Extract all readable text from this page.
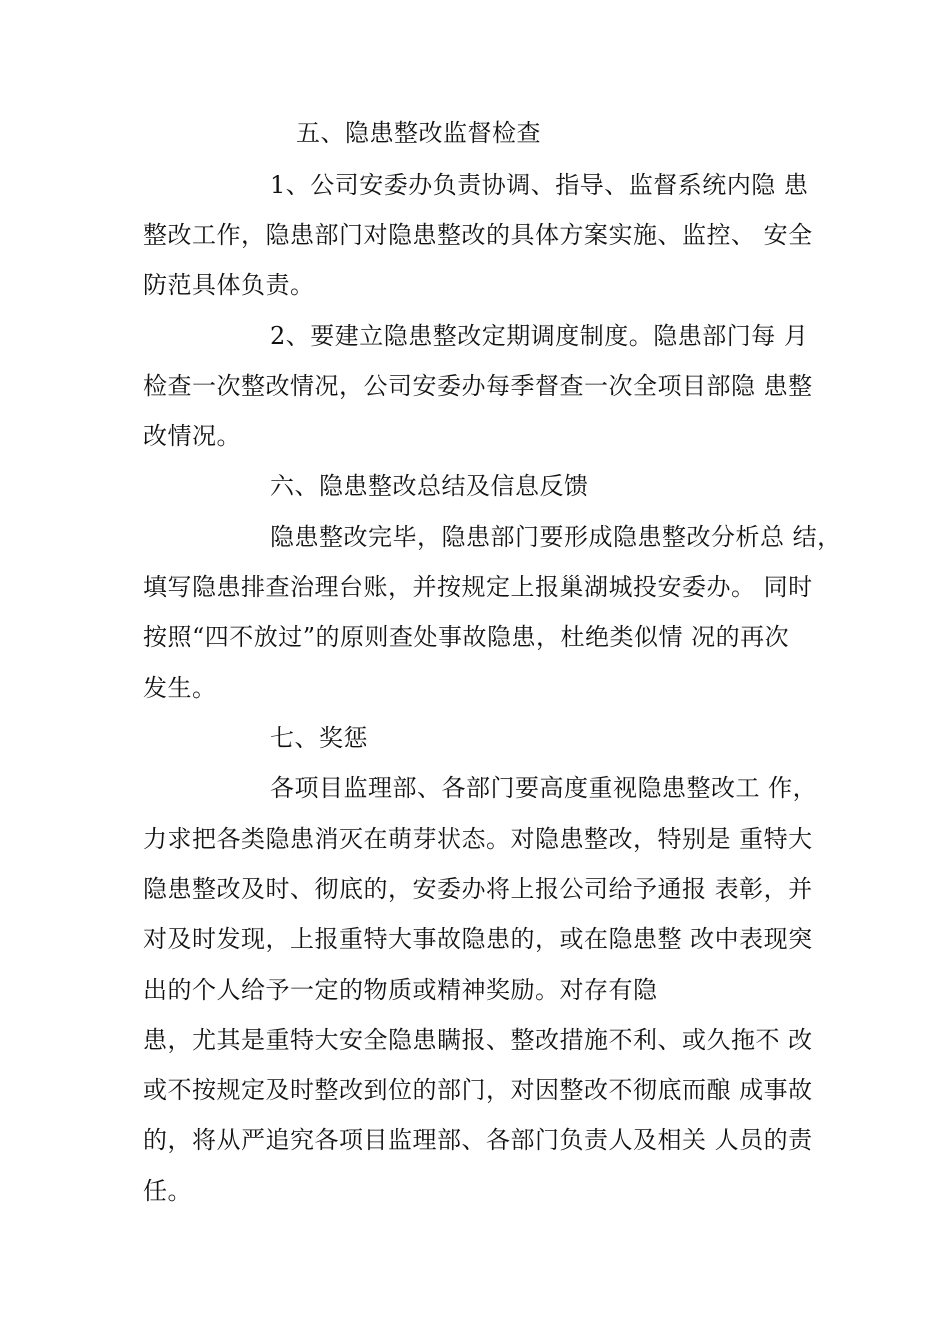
五、隐患整改监督检查
1、公司安委办负责协调、指导、监督系统内隐 患
整改工作，隐患部门对隐患整改的具体方案实施、监控、 安全
防范具体负责。
2、要建立隐患整改定期调度制度。隐患部门每 月
检查一次整改情况，公司安委办每季督查一次全项目部隐 患整
改情况。
六、隐患整改总结及信息反馈
隐患整改完毕，隐患部门要形成隐患整改分析总 结，
填写隐患排查治理台账，并按规定上报巢湖城投安委办。 同时
按照“四不放过”的原则查处事故隐患，杜绝类似情 况的再次
发生。
七、奖惩
各项目监理部、各部门要高度重视隐患整改工 作，
力求把各类隐患消灭在萌芽状态。对隐患整改，特别是 重特大
隐患整改及时、彻底的，安委办将上报公司给予通报 表彰，并
对及时发现，上报重特大事故隐患的，或在隐患整 改中表现突
出的个人给予一定的物质或精神奖励。对存有隐
患，尤其是重特大安全隐患瞒报、整改措施不利、或久拖不 改
或不按规定及时整改到位的部门，对因整改不彻底而酿 成事故
的，将从严追究各项目监理部、各部门负责人及相关 人员的责
任。
